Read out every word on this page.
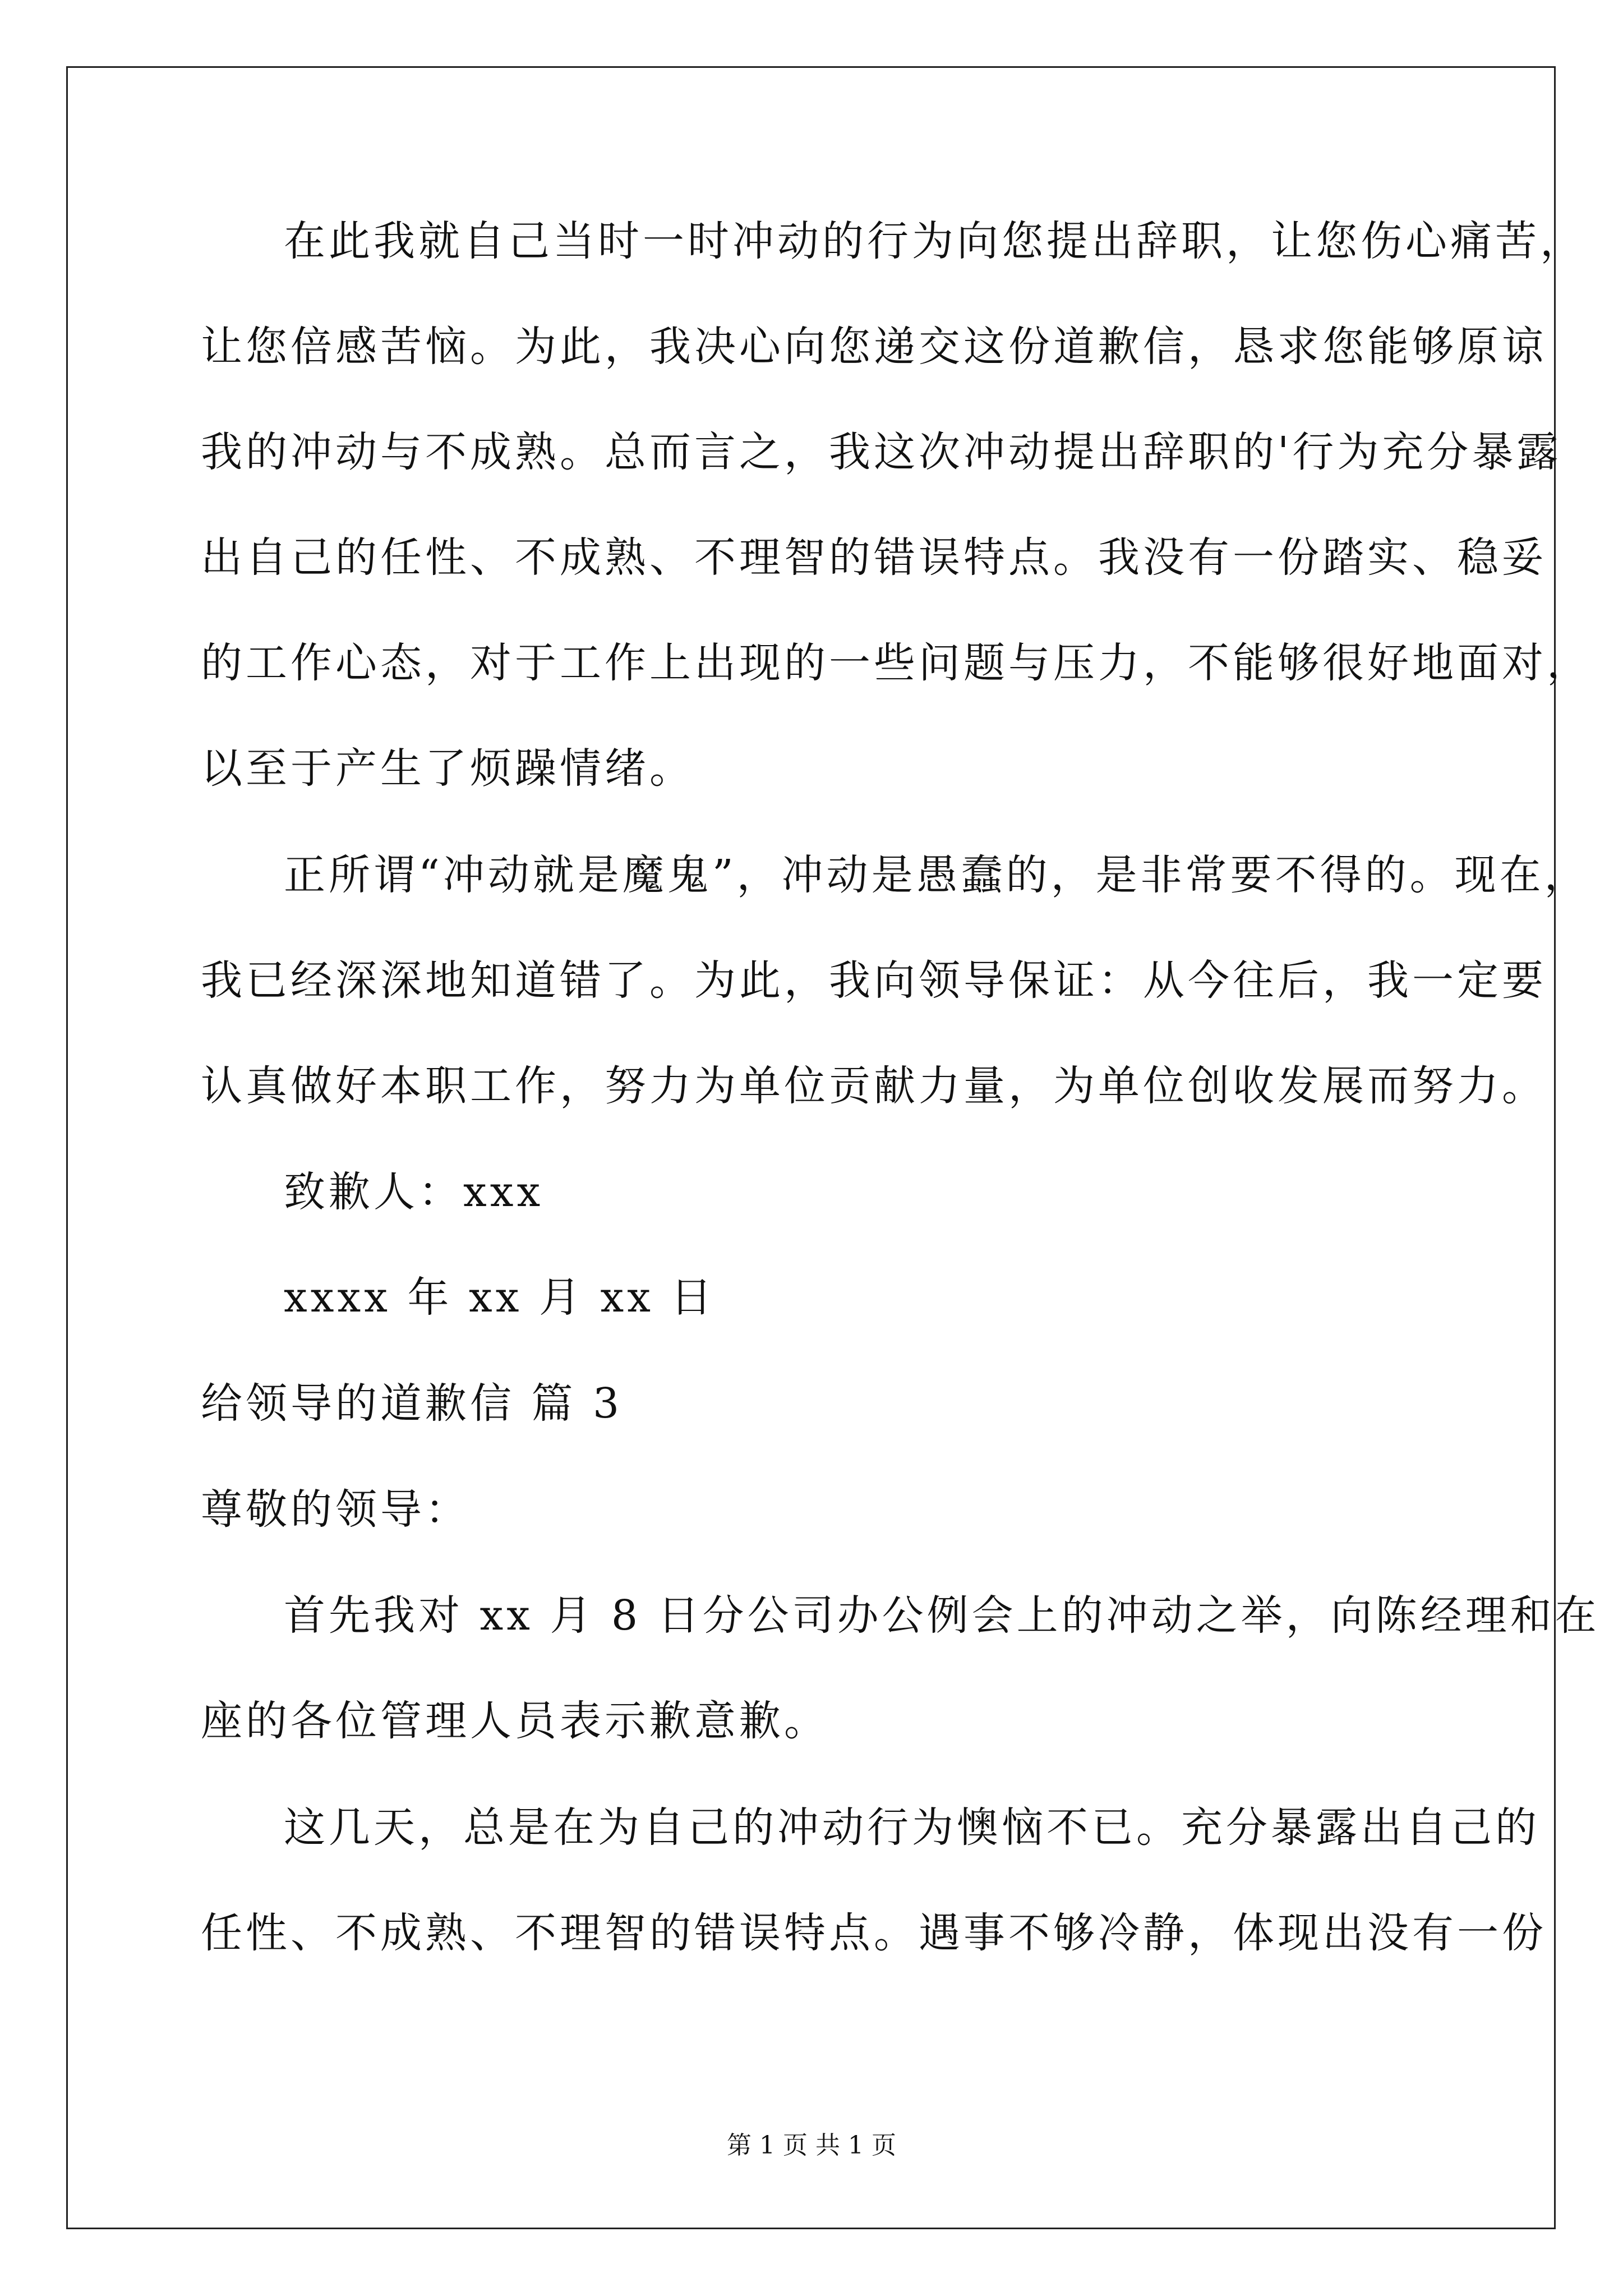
在此我就自己当时一时冲动的行为向您提出辞职，让您伤心痛苦，
让您倍感苦恼。为此，我决心向您递交这份道歉信，恳求您能够原谅
我的冲动与不成熟。总而言之，我这次冲动提出辞职的'行为充分暴露
出自己的任性、不成熟、不理智的错误特点。我没有一份踏实、稳妥
的工作心态，对于工作上出现的一些问题与压力，不能够很好地面对，
以至于产生了烦躁情绪。
正所谓“冲动就是魔鬼”，冲动是愚蠢的，是非常要不得的。现在，
我已经深深地知道错了。为此，我向领导保证：从今往后，我一定要
认真做好本职工作，努力为单位贡献力量，为单位创收发展而努力。
致歉人：xxx
xxxx 年 xx 月 xx 日
给领导的道歉信 篇 3
尊敬的领导：
首先我对 xx 月 8 日分公司办公例会上的冲动之举，向陈经理和在
座的各位管理人员表示歉意歉。
这几天，总是在为自己的冲动行为懊恼不已。充分暴露出自己的
任性、不成熟、不理智的错误特点。遇事不够冷静，体现出没有一份
第 1 页 共 1 页
